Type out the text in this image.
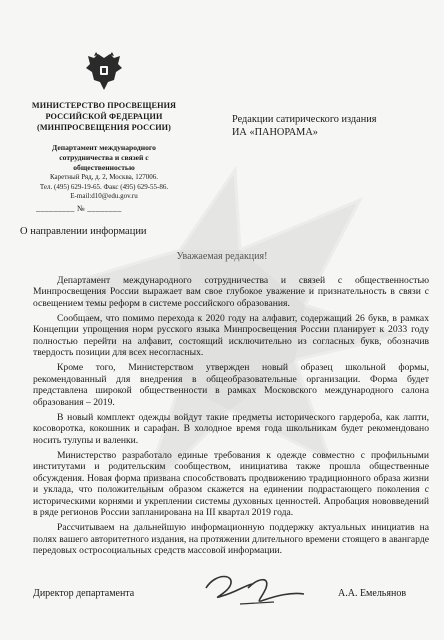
МИНИСТЕРСТВО ПРОСВЕЩЕНИЯ
РОССИЙСКОЙ ФЕДЕРАЦИИ
(МИНПРОСВЕЩЕНИЯ РОССИИ)
Департамент международного
сотрудничества и связей с
общественностью
Каретный Ряд, д. 2, Москва, 127006.
Тел. (495) 629-19-65. Факс (495) 629-55-86.
E-mail:d10@edu.gov.ru
_________ № ________
Редакции сатирического издания
ИА «ПАНОРАМА»
О направлении информации
Уважаемая редакция!

Департамент международного сотрудничества и связей с общественностью Минпросвещения России выражает вам свое глубокое уважение и признательность в связи с освещением темы реформ в системе российского образования.

Сообщаем, что помимо перехода к 2020 году на алфавит, содержащий 26 букв, в рамках Концепции упрощения норм русского языка Минпросвещения России планирует к 2033 году полностью перейти на алфавит, состоящий исключительно из согласных букв, обозначив твердость позиции для всех несогласных.

Кроме того, Министерством утвержден новый образец школьной формы, рекомендованный для внедрения в общеобразовательные организации. Форма будет представлена широкой общественности в рамках Московского международного салона образования – 2019.

В новый комплект одежды войдут такие предметы исторического гардероба, как лапти, косоворотка, кокошник и сарафан. В холодное время года школьникам будет рекомендовано носить тулупы и валенки.

Министерство разработало единые требования к одежде совместно с профильными институтами и родительским сообществом, инициатива также прошла общественные обсуждения. Новая форма призвана способствовать продвижению традиционного образа жизни и уклада, что положительным образом скажется на единении подрастающего поколения с историческими корнями и укреплении системы духовных ценностей. Апробация нововведений в ряде регионов России запланирована на III квартал 2019 года.

Рассчитываем на дальнейшую информационную поддержку актуальных инициатив на полях вашего авторитетного издания, на протяжении длительного времени стоящего в авангарде передовых остросоциальных средств массовой информации.

Директор департамента	А.А. Емельянов
